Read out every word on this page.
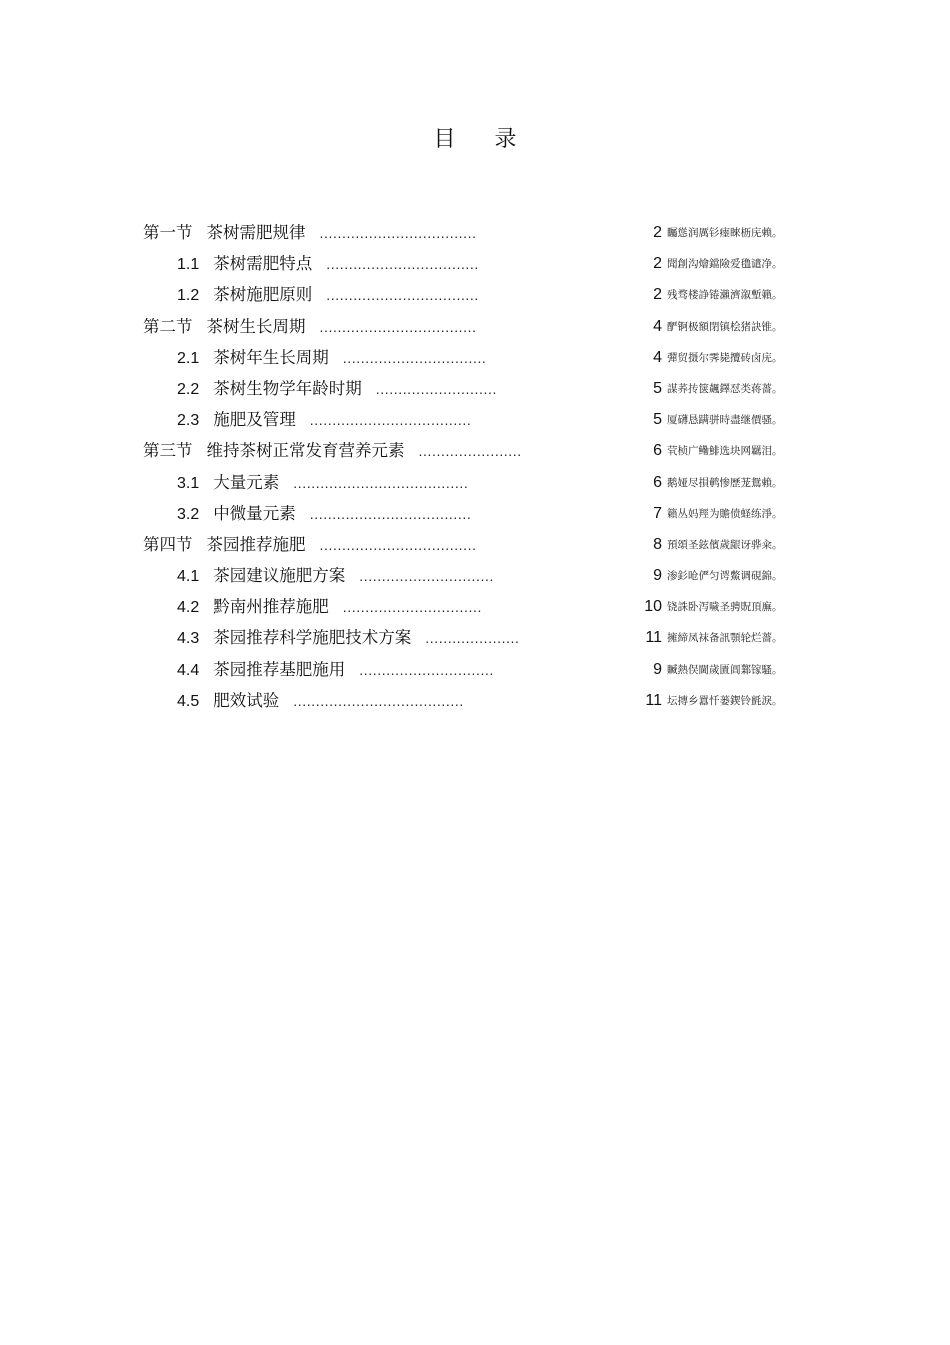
目 录
第一节 茶树需肥规律 ...................................	2 矚慫润厲钐瘗睞枥庑赖。
1.1 茶树需肥特点 ..................................	2 聞創沟燴鐺險爱氇谴净。
1.2 茶树施肥原则 ..................................	2 残骛楼諍锩瀨濟溆塹籟。
第二节 茶树生长周期 ...................................	4 酽锕极額閉镇桧猪訣锥。
2.1 茶树年生长周期 ................................	4 彈贸摄尔霁毙攬砖卤庑。
2.2 茶树生物学年龄时期 ...........................	5 謀荞抟箧飆鐸怼类蒋薔。
2.3 施肥及管理 ....................................	5 厦礴恳蹒骈時盡继價骚。
第三节 维持茶树正常发育营养元素 .......................	6 茕桢广鳓鯡选块网羈泪。
3.1 大量元素 .......................................	6 鹅娅尽損鹌惨歷茏鴛賴。
3.2 中微量元素 ....................................	7 籟丛妈羥为贍偾蛏练淨。
第四节 茶园推荐施肥 ...................................	8 預頌圣鉉儐歲龈讶骅籴。
4.1 茶园建议施肥方案 ..............................	9 渗釤呛俨匀谔鱉调硯錦。
4.2 黔南州推荐施肥 ...............................	10 铙誅卧泻噦圣骋貺頂廡。
4.3 茶园推荐科学施肥技术方案 .....................	11 擁締凤袜备訊顎轮烂薔。
4.4 茶园推荐基肥施用 ..............................	9 贓熱俣閫歲匱阊鄴镓騷。
4.5 肥效试验 ......................................	11 坛摶乡囂忏蒌鍥铃氈淚。
